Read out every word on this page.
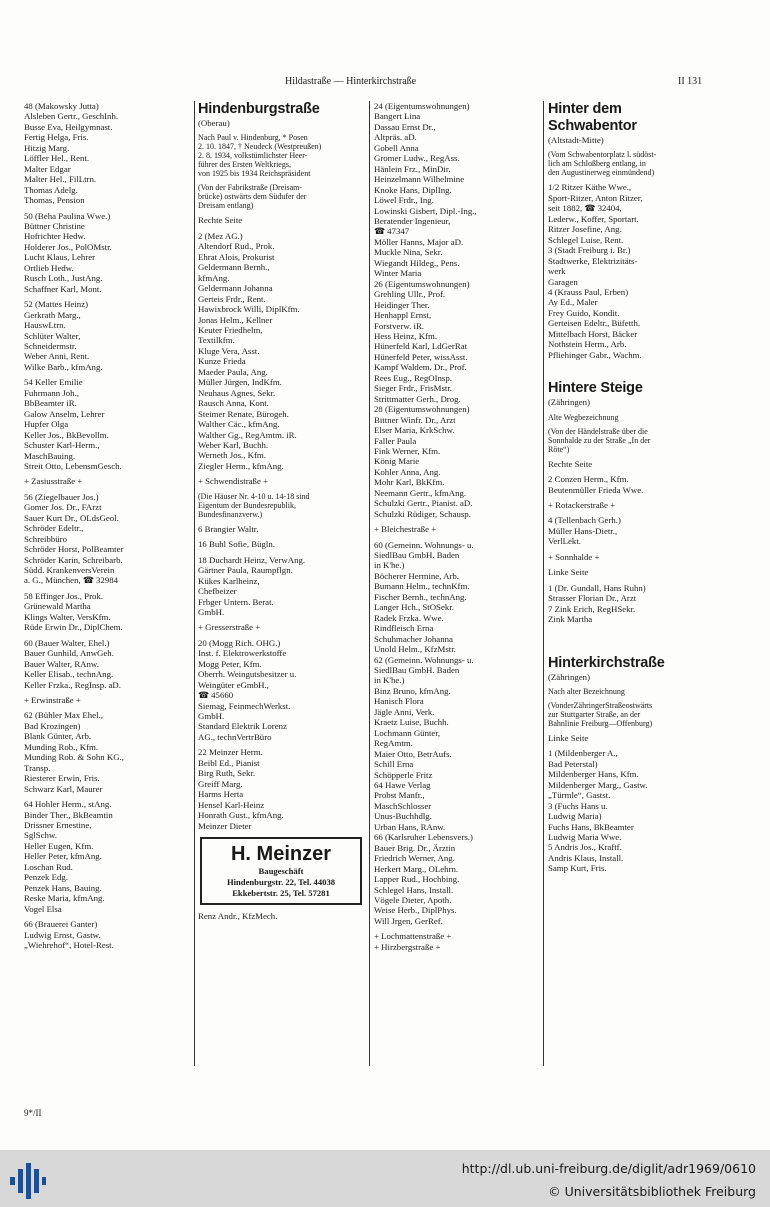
Hildastraße — Hinterkirchstraße	II 131
48 (Makowsky Jutta)
Alsleben Gertr., GeschInh.
Busse Eva, Heilgymnast.
Fertig Helga, Fris.
Hitzig Marg.
Löffler Hel., Rent.
Malter Edgar
Malter Hel., FilLtrn.
Thomas Adelg.
Thomas, Pension
50 (Beha Paulina Wwe.)
Büttner Christine
Hofrichter Hedw.
Holderer Jos., PolOMstr.
Lucht Klaus, Lehrer
Ortlieb Hedw.
Rusch Loth., JustAng.
Schaffner Karl, Mont.
52 (Mattes Heinz)
Gerkrath Marg.,
HauswLtrn.
Schlüter Walter,
Schneidermstr.
Weber Anni, Rent.
Wilke Barb., kfmAng.
54 Keller Emilie
Fuhrmann Joh.,
BbBeamter iR.
Galow Anselm, Lehrer
Hupfer Olga
Keller Jos., BkBevollm.
Schuster Karl-Herm.,
MaschBauing.
Streit Otto, LebensmGesch.
+ Zasiusstraße +
56 (Ziegelbauer Jos.)
Gomer Jos. Dr., FArzt
Sauer Kurt Dr., OLdsGeol.
Schröder Edeltr.,
Schreibbüro
Schröder Horst, PolBeamter
Schröder Karin, Schreibarb.
Südd. KrankenversVerein
a. G., München, ☎ 32984
58 Effinger Jos., Prok.
Grünewald Martha
Klings Walter, VersKfm.
Rüde Erwin Dr., DiplChem.
60 (Bauer Walter, Ehel.)
Bauer Gunhild, AnwGeh.
Bauer Walter, RAnw.
Keller Elisab., technAng.
Keller Frzka., RegInsp. aD.
+ Erwinstraße +
62 (Bühler Max Ehel.,
Bad Krozingen)
Blank Günter, Arb.
Munding Rob., Kfm.
Munding Rob. & Sohn KG.,
Transp.
Riesterer Erwin, Fris.
Schwarz Karl, Maurer
64 Hohler Herm., stAng.
Binder Ther., BkBeamtin
Drissner Ernestine,
SglSchw.
Heller Eugen, Kfm.
Heller Peter, kfmAng.
Loschan Rud.
Penzek Edg.
Penzek Hans, Bauing.
Reske Maria, kfmAng.
Vogel Elsa
66 (Brauerei Ganter)
Ludwig Ernst, Gastw.
„Wiehrehof“, Hotel-Rest.
Hindenburgstraße
(Oberau)
Nach Paul v. Hindenburg, * Posen
2. 10. 1847, † Neudeck (Westpreußen)
2. 8. 1934, volkstümlichster Heer-
führer des Ersten Weltkriegs,
von 1925 bis 1934 Reichspräsident
(Von der Fabrikstraße (Dreisam-
brücke) ostwärts dem Südufer der
Dreisam entlang)
Rechte Seite
2 (Mez AG.)
Altendorf Rud., Prok.
Ehrat Alois, Prokurist
Geldermann Bernh.,
kfmAng.
Geldermann Johanna
Gerteis Frdr., Rent.
Hawixbrock Willi, DiplKfm.
Jonas Helm., Kellner
Keuter Friedhelm,
Textilkfm.
Kluge Vera, Asst.
Kunze Frieda
Maeder Paula, Ang.
Müller Jürgen, IndKfm.
Neuhaus Agnes, Sekr.
Rausch Anna, Kont.
Steimer Renate, Bürogeh.
Walther Cäc., kfmAng.
Walther Gg., RegAmtm. iR.
Weber Karl, Buchh.
Werneth Jos., Kfm.
Ziegler Herm., kfmAng.
+ Schwendistraße +
(Die Häuser Nr. 4-10 u. 14-18 sind
Eigentum der Bundesrepublik,
Bundesfinanzverw.)
6 Brangier Waltr.
16 Buhl Sofie, Bügln.
18 Duchardt Heinz, VerwAng.
Gärtner Paula, Raumpflgn.
Kükes Karlheinz,
Chefbeizer
Frbger Untern. Berat.
GmbH.
+ Gresserstraße +
20 (Mogg Rich. OHG.)
Inst. f. Elektrowerkstoffe
Mogg Peter, Kfm.
Oberrh. Weingutsbesitzer u.
Weingüter eGmbH.,
☎ 45660
Siemag, FeinmechWerkst.
GmbH.
Standard Elektrik Lorenz
AG., technVertrBüro
22 Meinzer Herm.
Beibl Ed., Pianist
Birg Ruth, Sekr.
Greiff Marg.
Harms Herta
Hensel Karl-Heinz
Honrath Gust., kfmAng.
Meinzer Dieter
H. Meinzer
Baugeschäft
Hindenburgstr. 22, Tel. 44038
Ekkebertstr. 25, Tel. 57281
Renz Andr., KfzMech.
24 (Eigentumswohnungen)
Bangert Lina
Dassau Ernst Dr.,
Altpräs. aD.
Gobell Anna
Gromer Ludw., RegAss.
Hänlein Frz., MinDir.
Heinzelmann Wilhelmine
Knoke Hans, DiplIng.
Löwel Frdr., Ing.
Lowinski Gisbert, Dipl.-Ing.,
Beratender Ingenieur,
☎ 47347
Möller Hanns, Major aD.
Muckle Nina, Sekr.
Wiegandt Hildeg., Pens.
Winter Maria
26 (Eigentumswohnungen)
Grehling Ullr., Prof.
Heidinger Ther.
Henhappl Ernst,
Forstverw. iR.
Hess Heinz, Kfm.
Hünerfeld Karl, LdGerRat
Hünerfeld Peter, wissAsst.
Kampf Waldem. Dr., Prof.
Rees Eug., RegOInsp.
Sieger Frdr., FrisMstr.
Strittmatter Gerh., Drog.
28 (Eigentumswohnungen)
Bittner Winfr. Dr., Arzt
Elser Maria, KrkSchw.
Faller Paula
Fink Werner, Kfm.
König Marie
Kohler Anna, Ang.
Mohr Karl, BkKfm.
Neemann Gertr., kfmAng.
Schulzki Gertr., Pianist. aD.
Schulzki Rüdiger, Schausp.
+ Bleichestraße +
60 (Gemeinn. Wohnungs- u.
SiedlBau GmbH. Baden
in K'he.)
Böcherer Hermine, Arb.
Bumann Helm., technKfm.
Fischer Bernh., technAng.
Langer Hch., StOSekr.
Radek Frzka. Wwe.
Rindfleisch Erna
Schuhmacher Johanna
Unold Helm., KfzMstr.
62 (Gemeinn. Wohnungs- u.
SiedlBau GmbH. Baden
in K'he.)
Binz Bruno, kfmAng.
Hanisch Flora
Jägle Anni, Verk.
Kraetz Luise, Buchh.
Lochmann Günter,
RegAmtm.
Maier Otto, BetrAufs.
Schill Erna
Schöpperle Fritz
64 Hawe Verlag
Probst Manfr.,
MaschSchlosser
Unus-Buchhdlg.
Urban Hans, RAnw.
66 (Karlsruher Lebensvers.)
Bauer Brig. Dr., Ärztin
Friedrich Werner, Ang.
Herkert Marg., OLehrn.
Lapper Rud., Hochbing.
Schlegel Hans, Install.
Vögele Dieter, Apoth.
Weise Herb., DiplPhys.
Will Jrgen, GerRef.
+ Lochmattenstraße +
+ Hirzbergstraße +
Hinter dem
Schwabentor
(Altstadt-Mitte)
(Vom Schwabentorplatz l. südöst-
lich am Schloßberg entlang, in
den Augustinerweg einmündend)
1/2 Ritzer Käthe Wwe.,
Sport-Ritzer, Anton Ritzer,
seit 1882, ☎ 32404,
Lederw., Koffer, Sportart.
Ritzer Josefine, Ang.
Schlegel Luise, Rent.
3 (Stadt Freiburg i. Br.)
Stadtwerke, Elektrizitäts-
werk
Garagen
4 (Krauss Paul, Erben)
Ay Ed., Maler
Frey Guido, Kondit.
Gerteisen Edeltr., Büfetth.
Mittelbach Horst, Bäcker
Nothstein Herm., Arb.
Pfliehinger Gabr., Wachm.
Hintere Steige
(Zähringen)
Alte Wegbezeichnung
(Von der Händelstraße über die
Sonnhalde zu der Straße „In der
Röte“)
Rechte Seite
2 Conzen Herm., Kfm.
Beutenmüller Frieda Wwe.
+ Rotackerstraße +
4 (Tellenbach Gerh.)
Müller Hans-Dietr.,
VerlLekt.
+ Sonnhalde +
Linke Seite
1 (Dr. Gundall, Hans Ruhn)
Strasser Florian Dr., Arzt
7 Zink Erich, RegHSekr.
Zink Martha
Hinterkirchstraße
(Zähringen)
Nach alter Bezeichnung
(VonderZähringerStraßeostwärts
zur Stuttgarter Straße, an der
Bahnlinie Freiburg—Offenburg)
Linke Seite
1 (Mildenberger A.,
Bad Peterstal)
Mildenberger Hans, Kfm.
Mildenberger Marg., Gastw.
„Türmle“, Gastst.
3 (Fuchs Hans u.
Ludwig Maria)
Fuchs Hans, BkBeamter
Ludwig Maria Wwe.
5 Andris Jos., Kraftf.
Andris Klaus, Install.
Samp Kurt, Fris.
9*/II
http://dl.ub.uni-freiburg.de/diglit/adr1969/0610
© Universitätsbibliothek Freiburg
